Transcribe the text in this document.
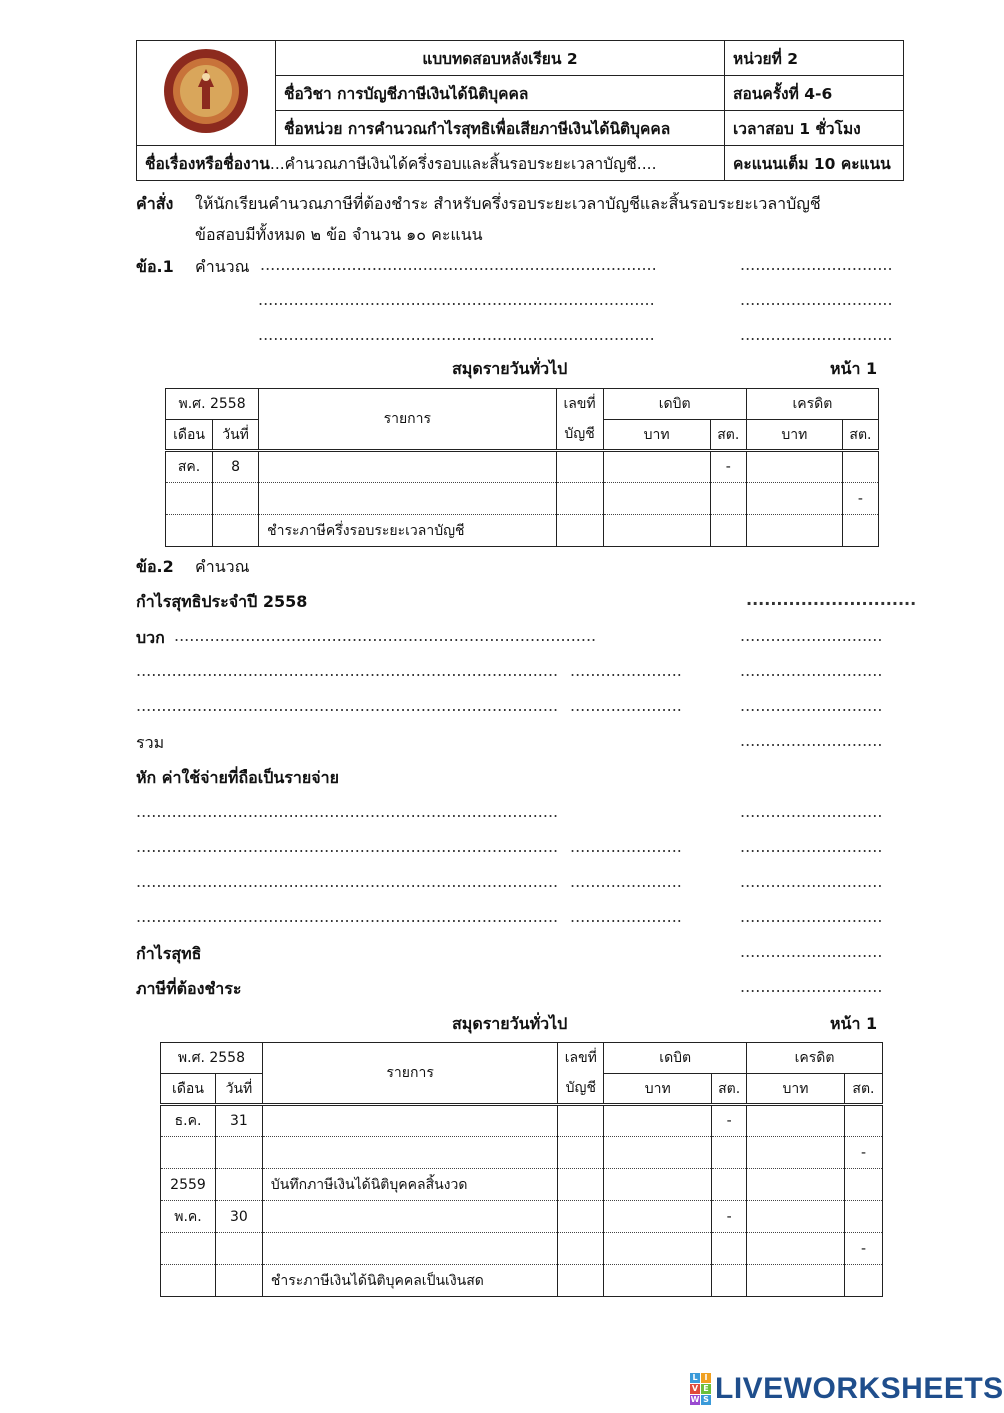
	แบบทดสอบหลังเรียน 2	หน่วยที่ 2
	ชื่อวิชา การบัญชีภาษีเงินได้นิติบุคคล	สอนครั้งที่ 4-6
	ชื่อหน่วย การคำนวณกำไรสุทธิเพื่อเสียภาษีเงินได้นิติบุคคล	เวลาสอบ 1 ชั่วโมง
ชื่อเรื่องหรือชื่องาน...คำนวณภาษีเงินได้ครึ่งรอบและสิ้นรอบระยะเวลาบัญชี....		คะแนนเต็ม 10 คะแนน
คำสั่ง ให้นักเรียนคำนวณภาษีที่ต้องชำระ สำหรับครึ่งรอบระยะเวลาบัญชีและสิ้นรอบระยะเวลาบัญชี
ข้อสอบมีทั้งหมด ๒ ข้อ จำนวน ๑๐ คะแนน
ข้อ.1 คำนวณ ..............................................................................	..............................
..............................................................................	..............................
..............................................................................	..............................
สมุดรายวันทั่วไป	หน้า 1
พ.ศ. 2558		รายการ	เลขที่	เดบิต		เครดิต	
เดือน	วันที่		บัญชี	บาท	สต.	บาท	สต.
สค.	8				-		
							-
		ชำระภาษีครึ่งรอบระยะเวลาบัญชี					
ข้อ.2 คำนวณ
กำไรสุทธิประจำปี 2558	............................
บวก ...................................................................................	............................
................................................................................... ......................	............................
................................................................................... ......................	............................
รวม	............................
หัก ค่าใช้จ่ายที่ถือเป็นรายจ่าย
...................................................................................	............................
................................................................................... ......................	............................
................................................................................... ......................	............................
................................................................................... ......................	............................
กำไรสุทธิ	............................
ภาษีที่ต้องชำระ	............................
สมุดรายวันทั่วไป	หน้า 1
พ.ศ. 2558		รายการ	เลขที่	เดบิต		เครดิต	
เดือน	วันที่		บัญชี	บาท	สต.	บาท	สต.
ธ.ค.	31				-		
							-
2559		บันทึกภาษีเงินได้นิติบุคคลสิ้นงวด					
พ.ค.	30				-		
							-
		ชำระภาษีเงินได้นิติบุคคลเป็นเงินสด					
L I
V E
W S LIVEWORKSHEETS
